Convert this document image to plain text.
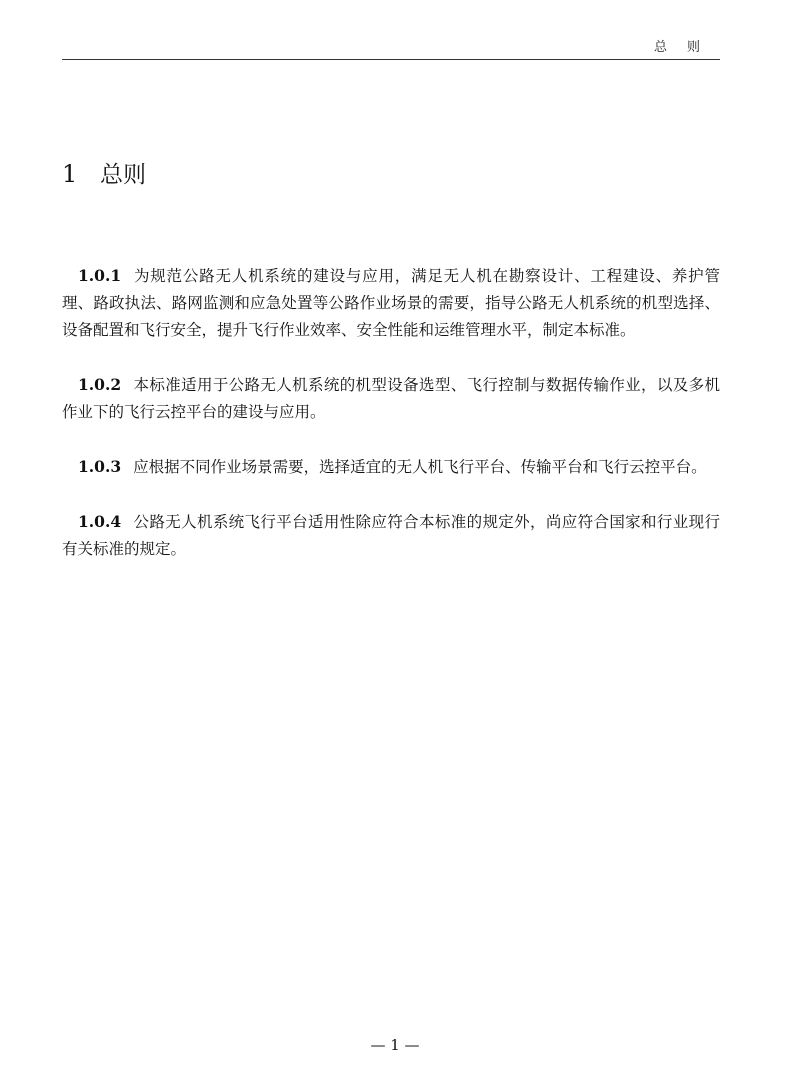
总则
1 总则

1.0.1 为规范公路无人机系统的建设与应用，满足无人机在勘察设计、工程建设、养护管理、路政执法、路网监测和应急处置等公路作业场景的需要，指导公路无人机系统的机型选择、设备配置和飞行安全，提升飞行作业效率、安全性能和运维管理水平，制定本标准。

1.0.2 本标准适用于公路无人机系统的机型设备选型、飞行控制与数据传输作业，以及多机作业下的飞行云控平台的建设与应用。

1.0.3 应根据不同作业场景需要，选择适宜的无人机飞行平台、传输平台和飞行云控平台。

1.0.4 公路无人机系统飞行平台适用性除应符合本标准的规定外，尚应符合国家和行业现行有关标准的规定。

— 1 —
